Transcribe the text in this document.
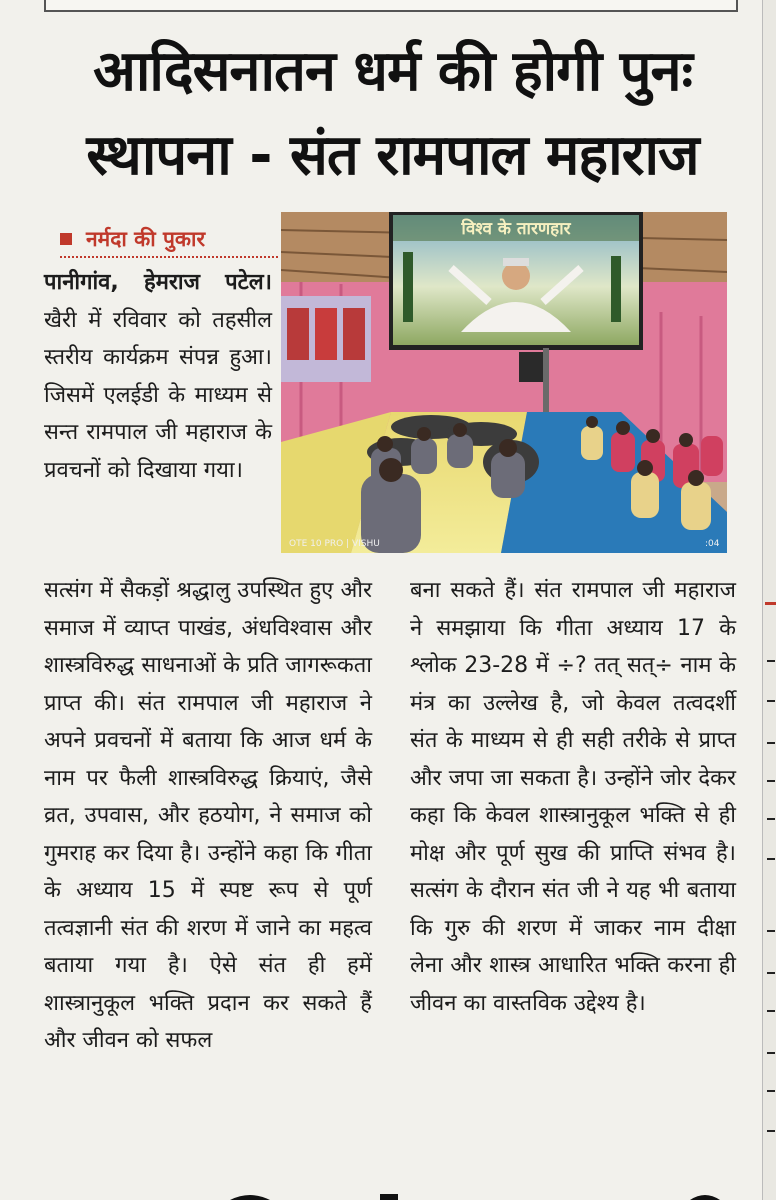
आदिसनातन धर्म की होगी पुनः
स्थापना - संत रामपाल महाराज
नर्मदा की पुकार	विश्व के तारणहार
OTE 10 PRO | VISHU	:04

पानीगांव, हेमराज पटेल। खैरी में रविवार को तहसील स्तरीय कार्यक्रम संपन्न हुआ। जिसमें एलईडी के माध्यम से सन्त रामपाल जी महाराज के प्रवचनों को दिखाया गया।

सत्संग में सैकड़ों श्रद्धालु उपस्थित हुए और समाज में व्याप्त पाखंड, अंधविश्वास और शास्त्रविरुद्ध साधनाओं के प्रति जागरूकता प्राप्त की। संत रामपाल जी महाराज ने अपने प्रवचनों में बताया कि आज धर्म के नाम पर फैली शास्त्रविरुद्ध क्रियाएं, जैसे व्रत, उपवास, और हठयोग, ने समाज को गुमराह कर दिया है। उन्होंने कहा कि गीता के अध्याय 15 में स्पष्ट रूप से पूर्ण तत्वज्ञानी संत की शरण में जाने का महत्व बताया गया है। ऐसे संत ही हमें शास्त्रानुकूल भक्ति प्रदान कर सकते हैं और जीवन को सफल

बना सकते हैं। संत रामपाल जी महाराज ने समझाया कि गीता अध्याय 17 के श्लोक 23-28 में ÷? तत् सत्÷ नाम के मंत्र का उल्लेख है, जो केवल तत्वदर्शी संत के माध्यम से ही सही तरीके से प्राप्त और जपा जा सकता है। उन्होंने जोर देकर कहा कि केवल शास्त्रानुकूल भक्ति से ही मोक्ष और पूर्ण सुख की प्राप्ति संभव है। सत्संग के दौरान संत जी ने यह भी बताया कि गुरु की शरण में जाकर नाम दीक्षा लेना और शास्त्र आधारित भक्ति करना ही जीवन का वास्तविक उद्देश्य है।
